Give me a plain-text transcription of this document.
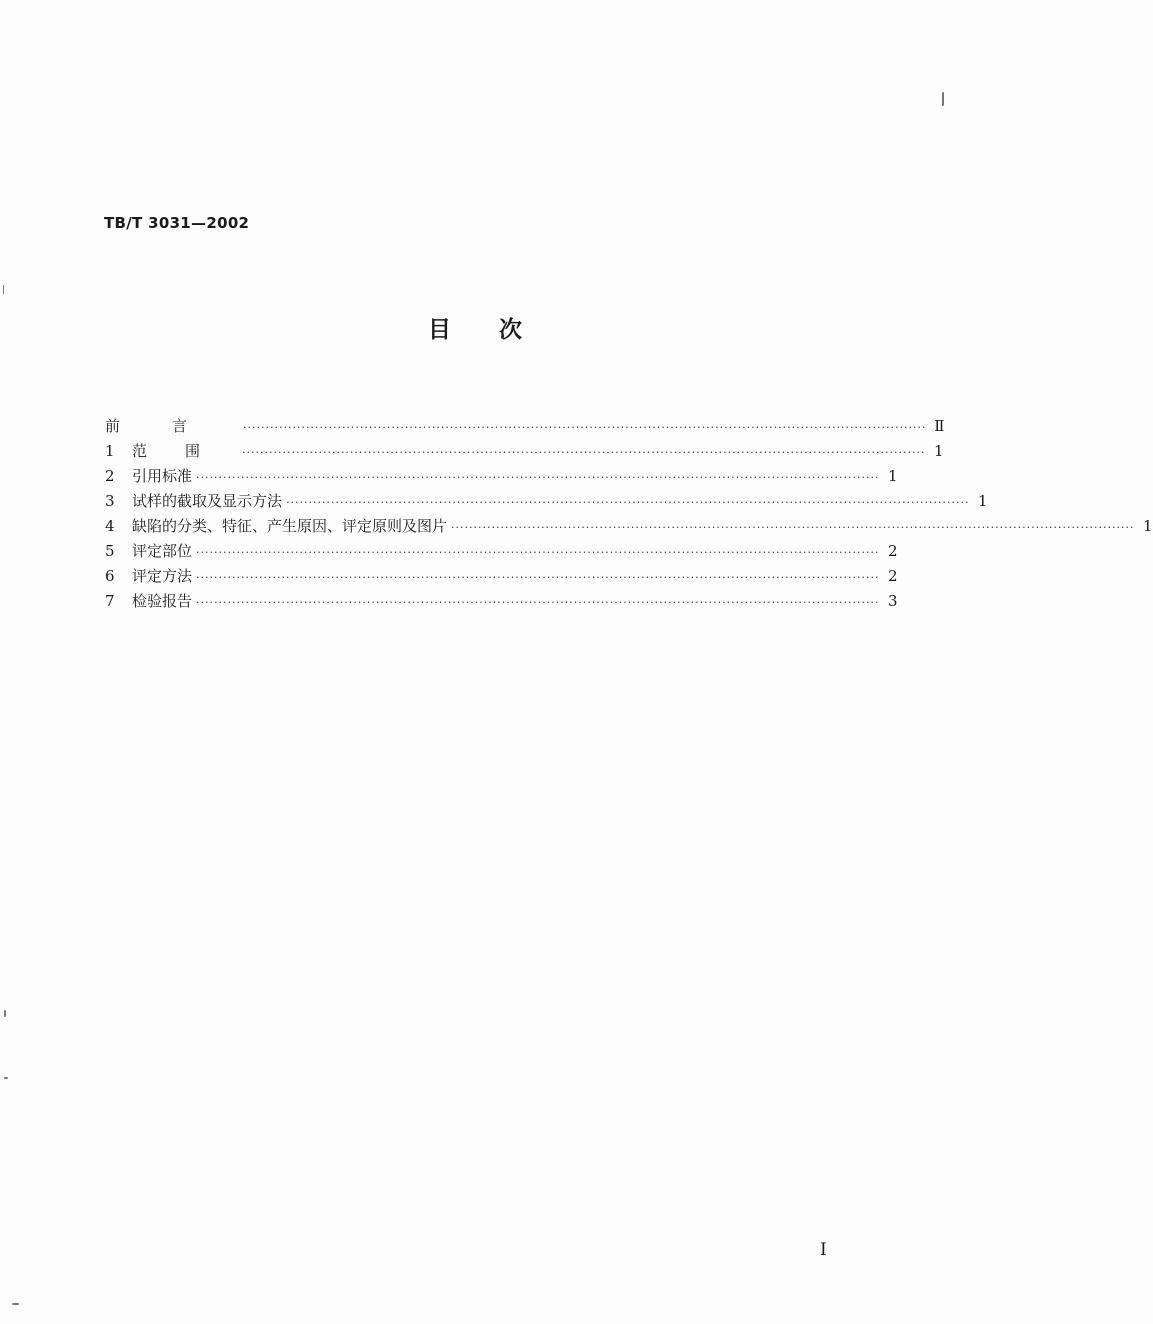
TB/T 3031—2002
目次
前言 ························································································································································ Ⅱ
1	范围 ························································································································································ 1
2	引用标准 ························································································································································ 1
3	试样的截取及显示方法 ························································································································································ 1
4	缺陷的分类、特征、产生原因、评定原则及图片 ························································································································································ 1
5	评定部位 ························································································································································ 2
6	评定方法 ························································································································································ 2
7	检验报告 ························································································································································ 3
I
